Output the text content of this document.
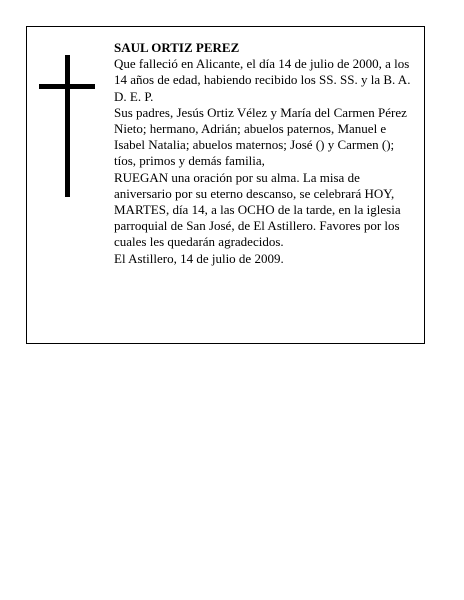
SAUL ORTIZ PEREZ

Que falleció en Alicante, el día 14 de julio de 2000, a los 14 años de edad, habiendo recibido los SS. SS. y la B. A.

D. E. P.

Sus padres, Jesús Ortiz Vélez y María del Carmen Pérez Nieto; hermano, Adrián; abuelos paternos, Manuel e Isabel Natalia; abuelos maternos; José () y Carmen (); tíos, primos y demás familia,

RUEGAN una oración por su alma. La misa de aniversario por su eterno descanso, se celebrará HOY, MARTES, día 14, a las OCHO de la tarde, en la iglesia parroquial de San José, de El Astillero. Favores por los cuales les quedarán agradecidos.

El Astillero, 14 de julio de 2009.
